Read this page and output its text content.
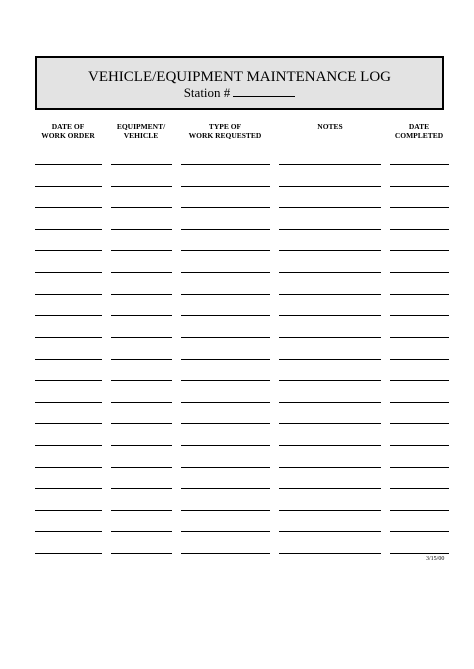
VEHICLE/EQUIPMENT MAINTENANCE LOG
Station #
DATE OF
WORK ORDER
EQUIPMENT/
VEHICLE
TYPE OF
WORK REQUESTED
NOTES	DATE
COMPLETED
3/15/00
